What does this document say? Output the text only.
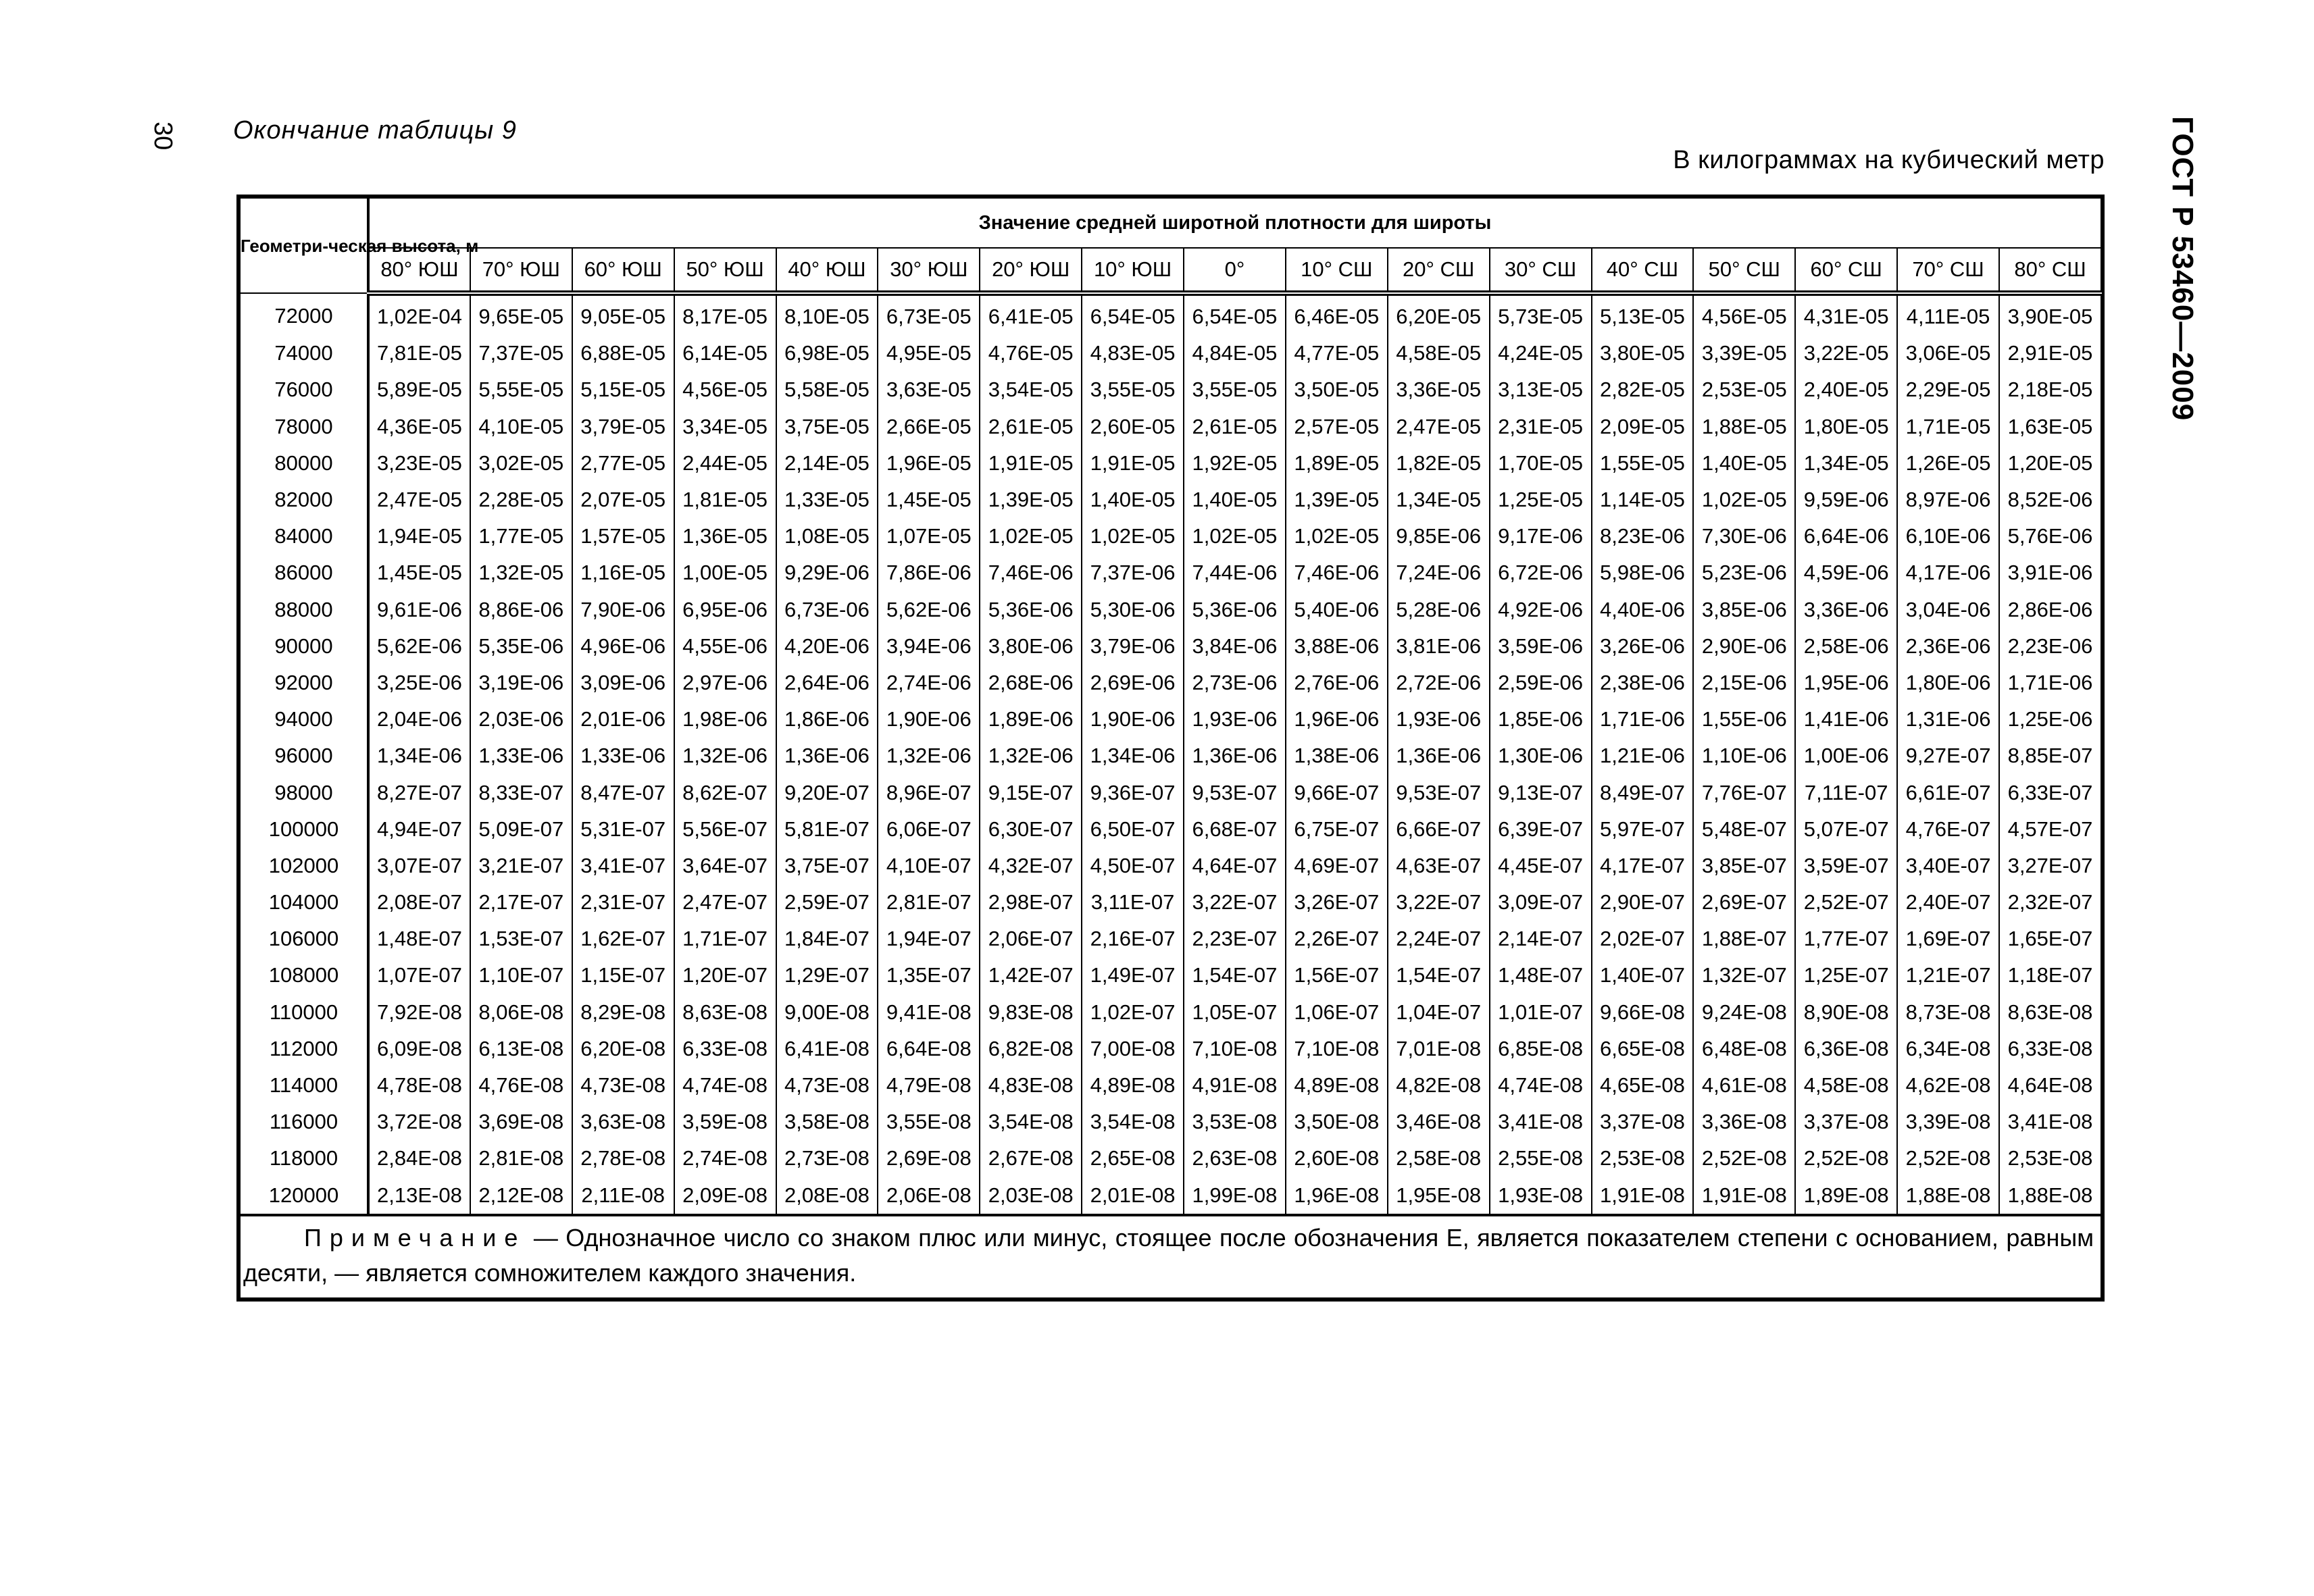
30 Окончание таблицы 9
В килограммах на кубический метр ГОСТ Р 53460—2009
Геометри-ческая высота, м	Значение средней широтной плотности для широты																
	80° ЮШ	70° ЮШ	60° ЮШ	50° ЮШ	40° ЮШ	30° ЮШ	20° ЮШ	10° ЮШ	0°	10° СШ	20° СШ	30° СШ	40° СШ	50° СШ	60° СШ	70° СШ	80° СШ
72000	1,02E-04	9,65E-05	9,05E-05	8,17E-05	8,10E-05	6,73E-05	6,41E-05	6,54E-05	6,54E-05	6,46E-05	6,20E-05	5,73E-05	5,13E-05	4,56E-05	4,31E-05	4,11E-05	3,90E-05
74000	7,81E-05	7,37E-05	6,88E-05	6,14E-05	6,98E-05	4,95E-05	4,76E-05	4,83E-05	4,84E-05	4,77E-05	4,58E-05	4,24E-05	3,80E-05	3,39E-05	3,22E-05	3,06E-05	2,91E-05
76000	5,89E-05	5,55E-05	5,15E-05	4,56E-05	5,58E-05	3,63E-05	3,54E-05	3,55E-05	3,55E-05	3,50E-05	3,36E-05	3,13E-05	2,82E-05	2,53E-05	2,40E-05	2,29E-05	2,18E-05
78000	4,36E-05	4,10E-05	3,79E-05	3,34E-05	3,75E-05	2,66E-05	2,61E-05	2,60E-05	2,61E-05	2,57E-05	2,47E-05	2,31E-05	2,09E-05	1,88E-05	1,80E-05	1,71E-05	1,63E-05
80000	3,23E-05	3,02E-05	2,77E-05	2,44E-05	2,14E-05	1,96E-05	1,91E-05	1,91E-05	1,92E-05	1,89E-05	1,82E-05	1,70E-05	1,55E-05	1,40E-05	1,34E-05	1,26E-05	1,20E-05
82000	2,47E-05	2,28E-05	2,07E-05	1,81E-05	1,33E-05	1,45E-05	1,39E-05	1,40E-05	1,40E-05	1,39E-05	1,34E-05	1,25E-05	1,14E-05	1,02E-05	9,59E-06	8,97E-06	8,52E-06
84000	1,94E-05	1,77E-05	1,57E-05	1,36E-05	1,08E-05	1,07E-05	1,02E-05	1,02E-05	1,02E-05	1,02E-05	9,85E-06	9,17E-06	8,23E-06	7,30E-06	6,64E-06	6,10E-06	5,76E-06
86000	1,45E-05	1,32E-05	1,16E-05	1,00E-05	9,29E-06	7,86E-06	7,46E-06	7,37E-06	7,44E-06	7,46E-06	7,24E-06	6,72E-06	5,98E-06	5,23E-06	4,59E-06	4,17E-06	3,91E-06
88000	9,61E-06	8,86E-06	7,90E-06	6,95E-06	6,73E-06	5,62E-06	5,36E-06	5,30E-06	5,36E-06	5,40E-06	5,28E-06	4,92E-06	4,40E-06	3,85E-06	3,36E-06	3,04E-06	2,86E-06
90000	5,62E-06	5,35E-06	4,96E-06	4,55E-06	4,20E-06	3,94E-06	3,80E-06	3,79E-06	3,84E-06	3,88E-06	3,81E-06	3,59E-06	3,26E-06	2,90E-06	2,58E-06	2,36E-06	2,23E-06
92000	3,25E-06	3,19E-06	3,09E-06	2,97E-06	2,64E-06	2,74E-06	2,68E-06	2,69E-06	2,73E-06	2,76E-06	2,72E-06	2,59E-06	2,38E-06	2,15E-06	1,95E-06	1,80E-06	1,71E-06
94000	2,04E-06	2,03E-06	2,01E-06	1,98E-06	1,86E-06	1,90E-06	1,89E-06	1,90E-06	1,93E-06	1,96E-06	1,93E-06	1,85E-06	1,71E-06	1,55E-06	1,41E-06	1,31E-06	1,25E-06
96000	1,34E-06	1,33E-06	1,33E-06	1,32E-06	1,36E-06	1,32E-06	1,32E-06	1,34E-06	1,36E-06	1,38E-06	1,36E-06	1,30E-06	1,21E-06	1,10E-06	1,00E-06	9,27E-07	8,85E-07
98000	8,27E-07	8,33E-07	8,47E-07	8,62E-07	9,20E-07	8,96E-07	9,15E-07	9,36E-07	9,53E-07	9,66E-07	9,53E-07	9,13E-07	8,49E-07	7,76E-07	7,11E-07	6,61E-07	6,33E-07
100000	4,94E-07	5,09E-07	5,31E-07	5,56E-07	5,81E-07	6,06E-07	6,30E-07	6,50E-07	6,68E-07	6,75E-07	6,66E-07	6,39E-07	5,97E-07	5,48E-07	5,07E-07	4,76E-07	4,57E-07
102000	3,07E-07	3,21E-07	3,41E-07	3,64E-07	3,75E-07	4,10E-07	4,32E-07	4,50E-07	4,64E-07	4,69E-07	4,63E-07	4,45E-07	4,17E-07	3,85E-07	3,59E-07	3,40E-07	3,27E-07
104000	2,08E-07	2,17E-07	2,31E-07	2,47E-07	2,59E-07	2,81E-07	2,98E-07	3,11E-07	3,22E-07	3,26E-07	3,22E-07	3,09E-07	2,90E-07	2,69E-07	2,52E-07	2,40E-07	2,32E-07
106000	1,48E-07	1,53E-07	1,62E-07	1,71E-07	1,84E-07	1,94E-07	2,06E-07	2,16E-07	2,23E-07	2,26E-07	2,24E-07	2,14E-07	2,02E-07	1,88E-07	1,77E-07	1,69E-07	1,65E-07
108000	1,07E-07	1,10E-07	1,15E-07	1,20E-07	1,29E-07	1,35E-07	1,42E-07	1,49E-07	1,54E-07	1,56E-07	1,54E-07	1,48E-07	1,40E-07	1,32E-07	1,25E-07	1,21E-07	1,18E-07
110000	7,92E-08	8,06E-08	8,29E-08	8,63E-08	9,00E-08	9,41E-08	9,83E-08	1,02E-07	1,05E-07	1,06E-07	1,04E-07	1,01E-07	9,66E-08	9,24E-08	8,90E-08	8,73E-08	8,63E-08
112000	6,09E-08	6,13E-08	6,20E-08	6,33E-08	6,41E-08	6,64E-08	6,82E-08	7,00E-08	7,10E-08	7,10E-08	7,01E-08	6,85E-08	6,65E-08	6,48E-08	6,36E-08	6,34E-08	6,33E-08
114000	4,78E-08	4,76E-08	4,73E-08	4,74E-08	4,73E-08	4,79E-08	4,83E-08	4,89E-08	4,91E-08	4,89E-08	4,82E-08	4,74E-08	4,65E-08	4,61E-08	4,58E-08	4,62E-08	4,64E-08
116000	3,72E-08	3,69E-08	3,63E-08	3,59E-08	3,58E-08	3,55E-08	3,54E-08	3,54E-08	3,53E-08	3,50E-08	3,46E-08	3,41E-08	3,37E-08	3,36E-08	3,37E-08	3,39E-08	3,41E-08
118000	2,84E-08	2,81E-08	2,78E-08	2,74E-08	2,73E-08	2,69E-08	2,67E-08	2,65E-08	2,63E-08	2,60E-08	2,58E-08	2,55E-08	2,53E-08	2,52E-08	2,52E-08	2,52E-08	2,53E-08
120000	2,13E-08	2,12E-08	2,11E-08	2,09E-08	2,08E-08	2,06E-08	2,03E-08	2,01E-08	1,99E-08	1,96E-08	1,95E-08	1,93E-08	1,91E-08	1,91E-08	1,89E-08	1,88E-08	1,88E-08
Примечание — Однозначное число со знаком плюс или минус, стоящее после обозначения E, является показателем степени с основанием, равным десяти, — является сомножителем каждого значения.																	
